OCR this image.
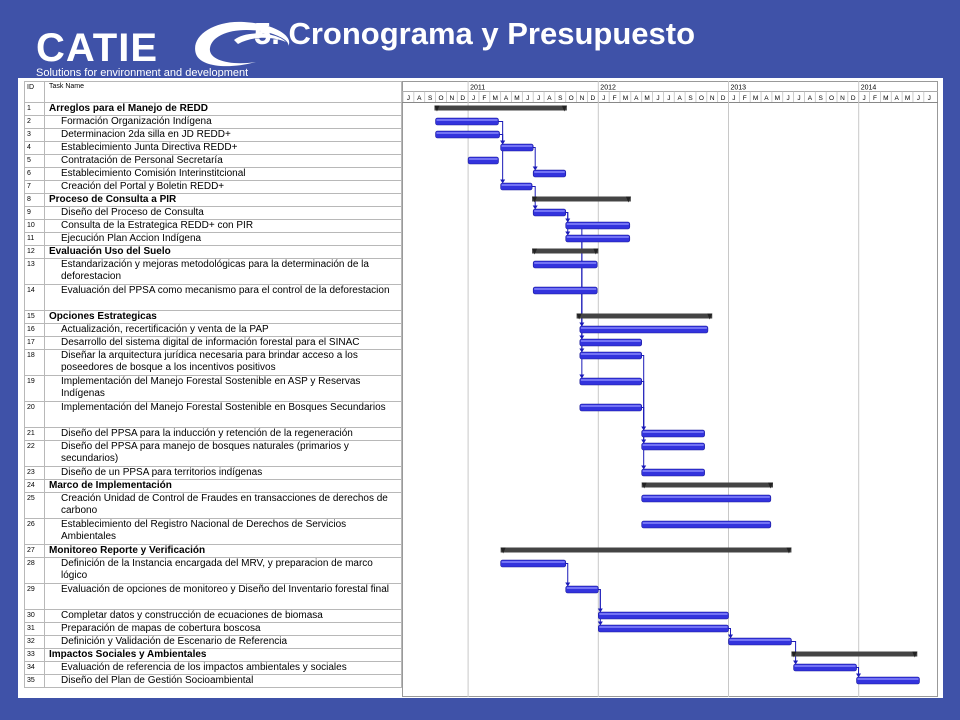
CATIE
Solutions for environment and development
5. Cronograma y Presupuesto
ID	Task Name
1	Arreglos para el Manejo de REDD
2	Formación Organización Indígena
3	Determinacion 2da silla en JD REDD+
4	Establecimiento Junta Directiva REDD+
5	Contratación de Personal Secretaría
6	Establecimiento Comisión Interinstitcional
7	Creación del Portal y Boletin REDD+
8	Proceso de Consulta a PIR
9	Diseño del Proceso de Consulta
10	Consulta de la Estrategica REDD+ con PIR
11	Ejecución Plan Accion Indígena
12	Evaluación Uso del Suelo
13	Estandarización y mejoras metodológicas para la determinación de la deforestacion
14	Evaluación del PPSA como mecanismo para el control de la deforestacion
15	Opciones Estrategicas
16	Actualización, recertificación y venta de la PAP
17	Desarrollo del sistema digital de información forestal para el SINAC
18	Diseñar la arquitectura jurídica necesaria para brindar acceso a los poseedores de bosque a los incentivos positivos
19	Implementación del Manejo Forestal Sostenible en ASP y Reservas Indígenas
20	Implementación del Manejo Forestal Sostenible en Bosques Secundarios
21	Diseño del PPSA para la inducción y retención de la regeneración
22	Diseño del PPSA para manejo de bosques naturales (primarios y secundarios)
23	Diseño de un PPSA para territorios indígenas
24	Marco de Implementación
25	Creación Unidad de Control de Fraudes en transacciones de derechos de carbono
26	Establecimiento del Registro Nacional de Derechos de Servicios Ambientales
27	Monitoreo Reporte y Verificación
28	Definición de la Instancia encargada del MRV, y preparacion de marco lógico
29	Evaluación de opciones de monitoreo y Diseño del Inventario forestal final
30	Completar datos y construcción de ecuaciones de biomasa
31	Preparación de mapas de cobertura boscosa
32	Definición y Validación de Escenario de Referencia
33	Impactos Sociales y Ambientales
34	Evaluación de referencia de los impactos ambientales y sociales
35	Diseño del Plan de Gestión Socioambiental
2011	2012	2013	2014
J A S O N D J F M A M J J A S O N D J F M A M J J A S O N D J F M A M J J A S O N D J F M A M J J
